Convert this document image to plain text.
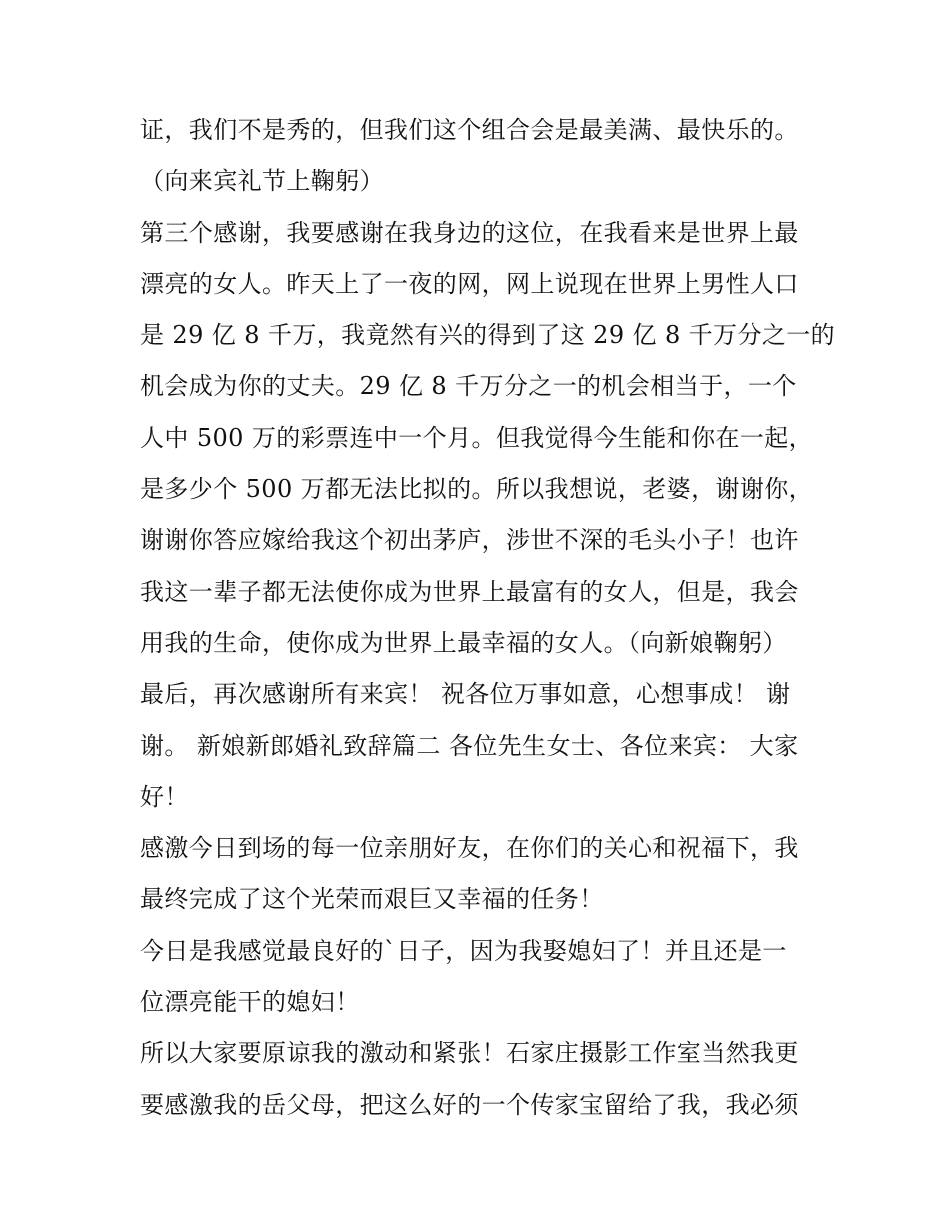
证，我们不是秀的，但我们这个组合会是最美满、最快乐的。
（向来宾礼节上鞠躬）
第三个感谢，我要感谢在我身边的这位，在我看来是世界上最
漂亮的女人。昨天上了一夜的网，网上说现在世界上男性人口
是 29 亿 8 千万，我竟然有兴的得到了这 29 亿 8 千万分之一的
机会成为你的丈夫。29 亿 8 千万分之一的机会相当于，一个
人中 500 万的彩票连中一个月。但我觉得今生能和你在一起，
是多少个 500 万都无法比拟的。所以我想说，老婆，谢谢你，
谢谢你答应嫁给我这个初出茅庐，涉世不深的毛头小子！也许
我这一辈子都无法使你成为世界上最富有的女人，但是，我会
用我的生命，使你成为世界上最幸福的女人。（向新娘鞠躬）
最后，再次感谢所有来宾！ 祝各位万事如意，心想事成！ 谢
谢。 新娘新郎婚礼致辞篇二 各位先生女士、各位来宾： 大家
好！
感激今日到场的每一位亲朋好友，在你们的关心和祝福下，我
最终完成了这个光荣而艰巨又幸福的任务！
今日是我感觉最良好的`日子，因为我娶媳妇了！并且还是一
位漂亮能干的媳妇！
所以大家要原谅我的激动和紧张！石家庄摄影工作室当然我更
要感激我的岳父母，把这么好的一个传家宝留给了我，我必须
